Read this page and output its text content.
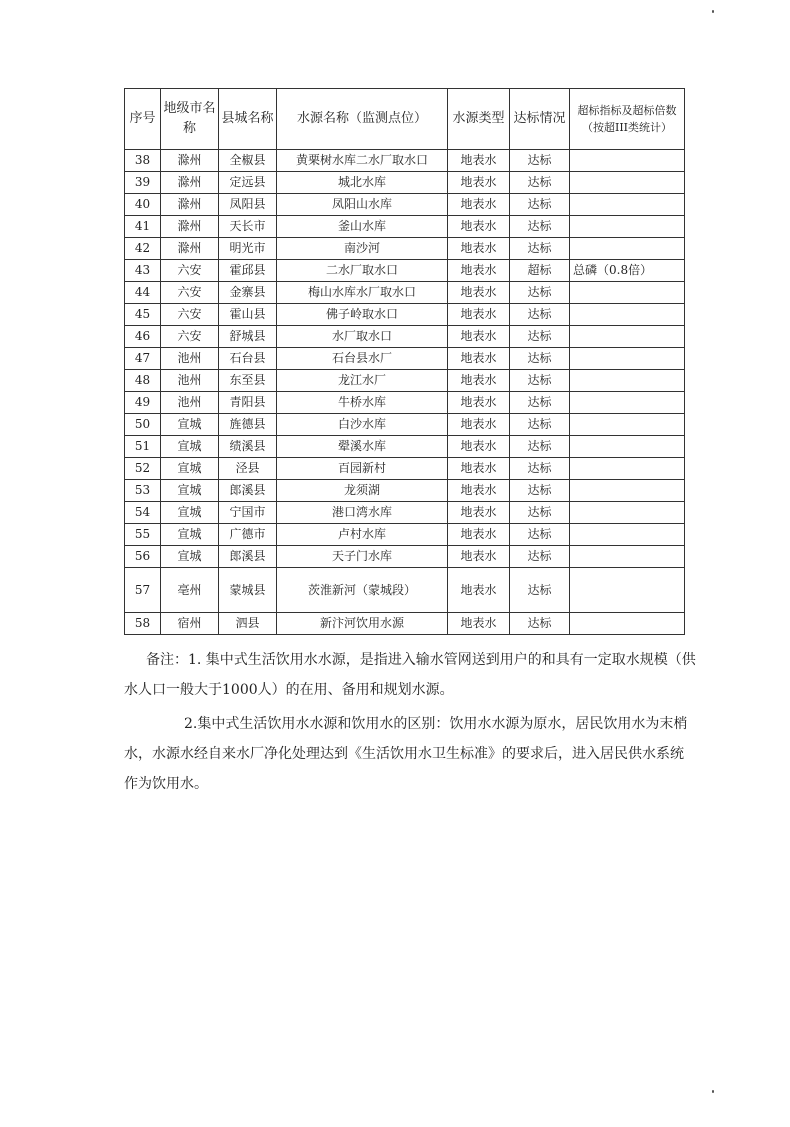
序号	地级市名称	县城名称	水源名称（监测点位）	水源类型	达标情况	超标指标及超标倍数（按超III类统计）
38	滁州	全椒县	黄栗树水库二水厂取水口	地表水	达标	
39	滁州	定远县	城北水库	地表水	达标	
40	滁州	凤阳县	凤阳山水库	地表水	达标	
41	滁州	天长市	釜山水库	地表水	达标	
42	滁州	明光市	南沙河	地表水	达标	
43	六安	霍邱县	二水厂取水口	地表水	超标	总磷（0.8倍）
44	六安	金寨县	梅山水库水厂取水口	地表水	达标	
45	六安	霍山县	佛子岭取水口	地表水	达标	
46	六安	舒城县	水厂取水口	地表水	达标	
47	池州	石台县	石台县水厂	地表水	达标	
48	池州	东至县	龙江水厂	地表水	达标	
49	池州	青阳县	牛桥水库	地表水	达标	
50	宣城	旌德县	白沙水库	地表水	达标	
51	宣城	绩溪县	翚溪水库	地表水	达标	
52	宣城	泾县	百园新村	地表水	达标	
53	宣城	郎溪县	龙须湖	地表水	达标	
54	宣城	宁国市	港口湾水库	地表水	达标	
55	宣城	广德市	卢村水库	地表水	达标	
56	宣城	郎溪县	天子门水库	地表水	达标	
57	亳州	蒙城县	茨淮新河（蒙城段）	地表水	达标	
58	宿州	泗县	新汴河饮用水源	地表水	达标	

备注：1. 集中式生活饮用水水源，是指进入输水管网送到用户的和具有一定取水规模（供水人口一般大于1000人）的在用、备用和规划水源。

2.集中式生活饮用水水源和饮用水的区别：饮用水水源为原水，居民饮用水为末梢水，水源水经自来水厂净化处理达到《生活饮用水卫生标准》的要求后，进入居民供水系统作为饮用水。
